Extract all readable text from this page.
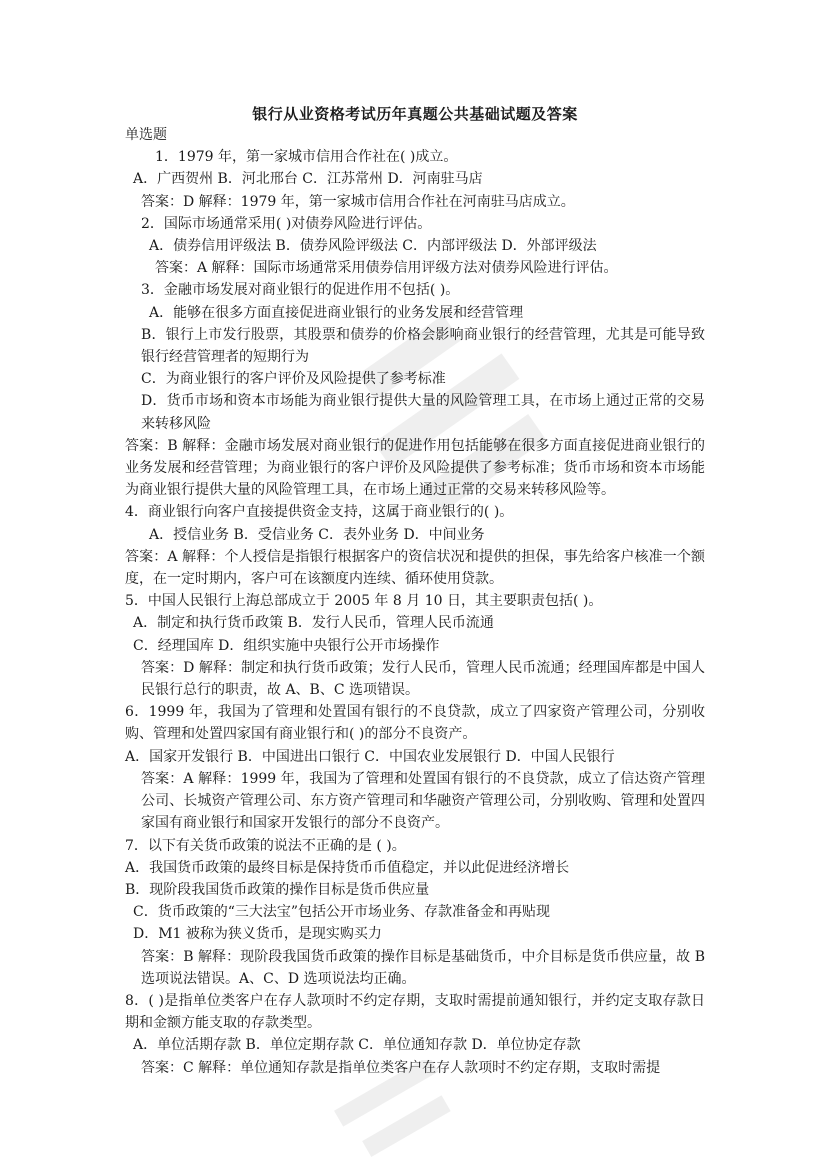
银行从业资格考试历年真题公共基础试题及答案
单选题
1．1979 年，第一家城市信用合作社在( )成立。
A．广西贺州 B．河北邢台 C．江苏常州 D．河南驻马店
答案：D 解释：1979 年，第一家城市信用合作社在河南驻马店成立。
2．国际市场通常采用( )对债券风险进行评估。
A．债券信用评级法 B．债券风险评级法 C．内部评级法 D．外部评级法
答案：A 解释：国际市场通常采用债券信用评级方法对债券风险进行评估。
3．金融市场发展对商业银行的促进作用不包括( )。
A．能够在很多方面直接促进商业银行的业务发展和经营管理
B．银行上市发行股票，其股票和债券的价格会影响商业银行的经营管理，尤其是可能导致银行经营管理者的短期行为
C．为商业银行的客户评价及风险提供了参考标准
D．货币市场和资本市场能为商业银行提供大量的风险管理工具，在市场上通过正常的交易来转移风险
答案：B 解释：金融市场发展对商业银行的促进作用包括能够在很多方面直接促进商业银行的业务发展和经营管理；为商业银行的客户评价及风险提供了参考标准；货币市场和资本市场能为商业银行提供大量的风险管理工具，在市场上通过正常的交易来转移风险等。
4．商业银行向客户直接提供资金支持，这属于商业银行的( )。
A．授信业务 B．受信业务 C．表外业务 D．中间业务
答案：A 解释：个人授信是指银行根据客户的资信状况和提供的担保，事先给客户核准一个额度，在一定时期内，客户可在该额度内连续、循环使用贷款。
5．中国人民银行上海总部成立于 2005 年 8 月 10 日，其主要职责包括( )。
A．制定和执行货币政策 B．发行人民币，管理人民币流通
C．经理国库 D．组织实施中央银行公开市场操作
答案：D 解释：制定和执行货币政策；发行人民币，管理人民币流通；经理国库都是中国人民银行总行的职责，故 A、B、C 选项错误。
6．1999 年，我国为了管理和处置国有银行的不良贷款，成立了四家资产管理公司，分别收购、管理和处置四家国有商业银行和( )的部分不良资产。
A．国家开发银行 B．中国进出口银行 C．中国农业发展银行 D．中国人民银行
答案：A 解释：1999 年，我国为了管理和处置国有银行的不良贷款，成立了信达资产管理公司、长城资产管理公司、东方资产管理司和华融资产管理公司，分别收购、管理和处置四家国有商业银行和国家开发银行的部分不良资产。
7．以下有关货币政策的说法不正确的是 ( )。
A．我国货币政策的最终目标是保持货币币值稳定，并以此促进经济增长
B．现阶段我国货币政策的操作目标是货币供应量
C．货币政策的“三大法宝”包括公开市场业务、存款准备金和再贴现
D．M1 被称为狭义货币，是现实购买力
答案：B 解释：现阶段我国货币政策的操作目标是基础货币，中介目标是货币供应量，故 B 选项说法错误。A、C、D 选项说法均正确。
8．( )是指单位类客户在存人款项时不约定存期，支取时需提前通知银行，并约定支取存款日期和金额方能支取的存款类型。
A．单位活期存款 B．单位定期存款 C．单位通知存款 D．单位协定存款
答案：C 解释：单位通知存款是指单位类客户在存人款项时不约定存期，支取时需提
